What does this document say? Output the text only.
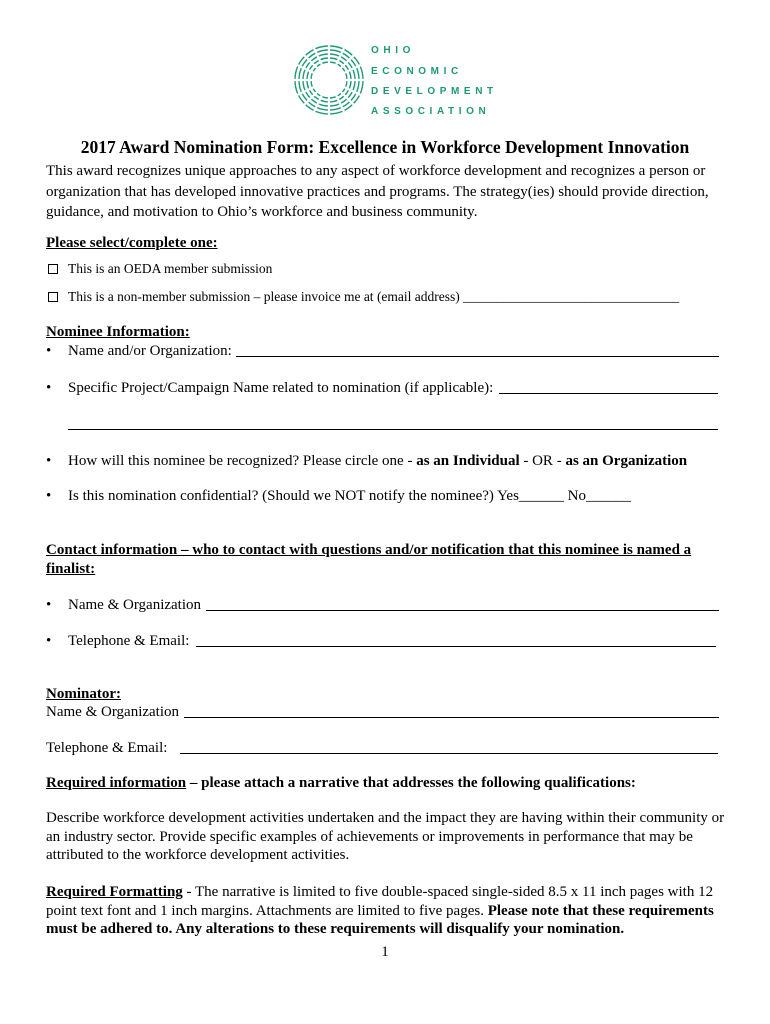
OHIO
ECONOMIC
DEVELOPMENT
ASSOCIATION
2017 Award Nomination Form: Excellence in Workforce Development Innovation
This award recognizes unique approaches to any aspect of workforce development and recognizes a person or organization that has developed innovative practices and programs. The strategy(ies) should provide direction, guidance, and motivation to Ohio’s workforce and business community.
Please select/complete one:
This is an OEDA member submission
This is a non-member submission – please invoice me at (email address) ________________________________
Nominee Information:
• Name and/or Organization:
• Specific Project/Campaign Name related to nomination (if applicable):
• How will this nominee be recognized? Please circle one - as an Individual - OR - as an Organization
• Is this nomination confidential? (Should we NOT notify the nominee?) Yes______ No______
Contact information – who to contact with questions and/or notification that this nominee is named a finalist:
• Name & Organization
• Telephone & Email:
Nominator:
Name & Organization
Telephone & Email:
Required information – please attach a narrative that addresses the following qualifications:
Describe workforce development activities undertaken and the impact they are having within their community or an industry sector. Provide specific examples of achievements or improvements in performance that may be attributed to the workforce development activities.
Required Formatting - The narrative is limited to five double-spaced single-sided 8.5 x 11 inch pages with 12 point text font and 1 inch margins. Attachments are limited to five pages. Please note that these requirements must be adhered to. Any alterations to these requirements will disqualify your nomination.
1
